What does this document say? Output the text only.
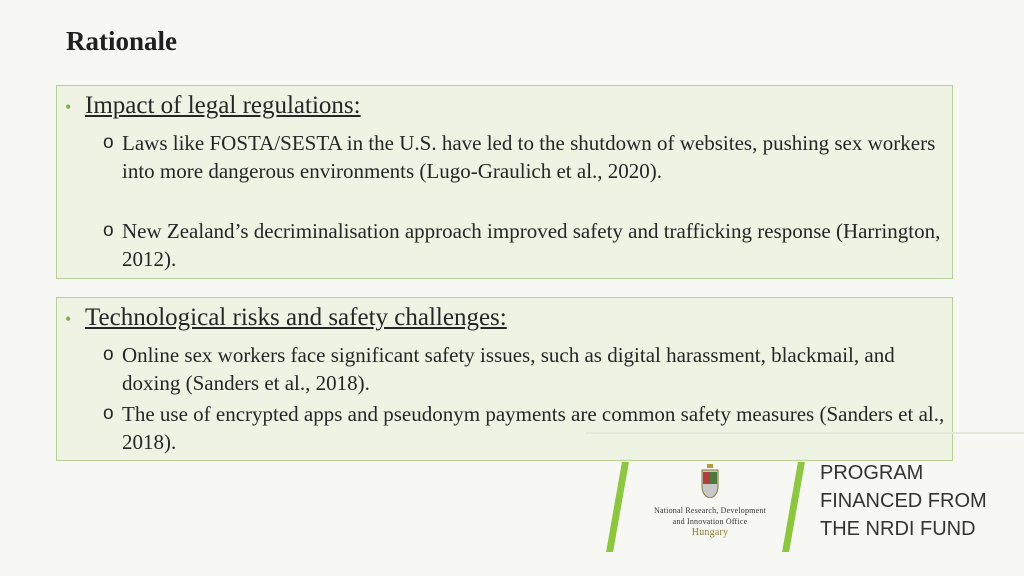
Rationale
• Impact of legal regulations:
o Laws like FOSTA/SESTA in the U.S. have led to the shutdown of websites, pushing sex workers into more dangerous environments (Lugo-Graulich et al., 2020).
o New Zealand’s decriminalisation approach improved safety and trafficking response (Harrington, 2012).
• Technological risks and safety challenges:
o Online sex workers face significant safety issues, such as digital harassment, blackmail, and doxing (Sanders et al., 2018).
o The use of encrypted apps and pseudonym payments are common safety measures (Sanders et al., 2018).
National Research, Development
and Innovation Office
Hungary
PROGRAM
FINANCED FROM
THE NRDI FUND
